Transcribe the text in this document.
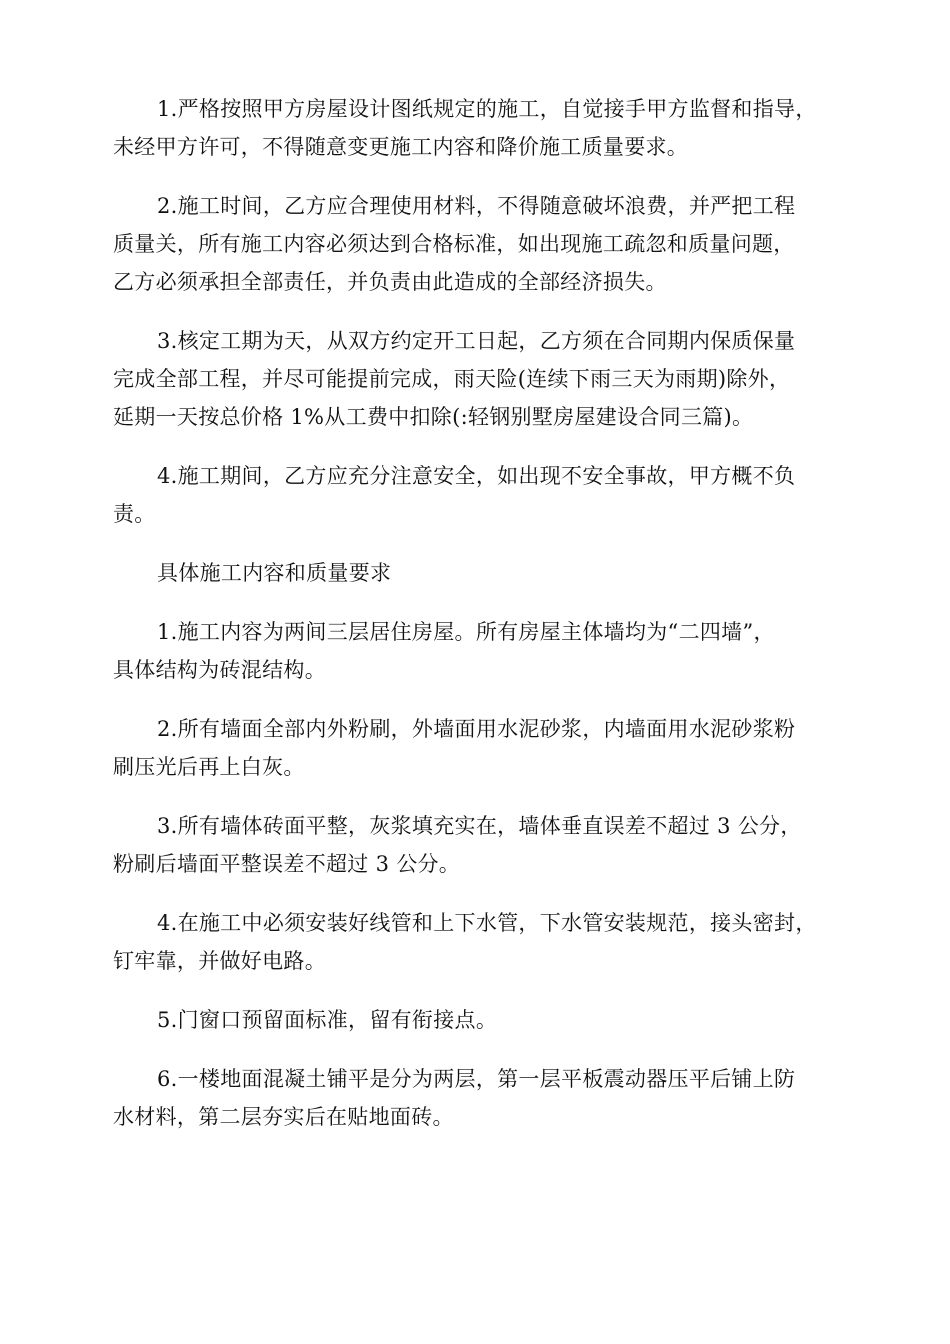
1.严格按照甲方房屋设计图纸规定的施工，自觉接手甲方监督和指导，
未经甲方许可，不得随意变更施工内容和降价施工质量要求。

2.施工时间，乙方应合理使用材料，不得随意破坏浪费，并严把工程
质量关，所有施工内容必须达到合格标准，如出现施工疏忽和质量问题，
乙方必须承担全部责任，并负责由此造成的全部经济损失。

3.核定工期为天，从双方约定开工日起，乙方须在合同期内保质保量
完成全部工程，并尽可能提前完成，雨天险(连续下雨三天为雨期)除外，
延期一天按总价格 1%从工费中扣除(:轻钢别墅房屋建设合同三篇)。

4.施工期间，乙方应充分注意安全，如出现不安全事故，甲方概不负
责。

具体施工内容和质量要求

1.施工内容为两间三层居住房屋。所有房屋主体墙均为“二四墙”，
具体结构为砖混结构。

2.所有墙面全部内外粉刷，外墙面用水泥砂浆，内墙面用水泥砂浆粉
刷压光后再上白灰。

3.所有墙体砖面平整，灰浆填充实在，墙体垂直误差不超过 3 公分，
粉刷后墙面平整误差不超过 3 公分。

4.在施工中必须安装好线管和上下水管，下水管安装规范，接头密封，
钉牢靠，并做好电路。

5.门窗口预留面标准，留有衔接点。

6.一楼地面混凝土铺平是分为两层，第一层平板震动器压平后铺上防
水材料，第二层夯实后在贴地面砖。
